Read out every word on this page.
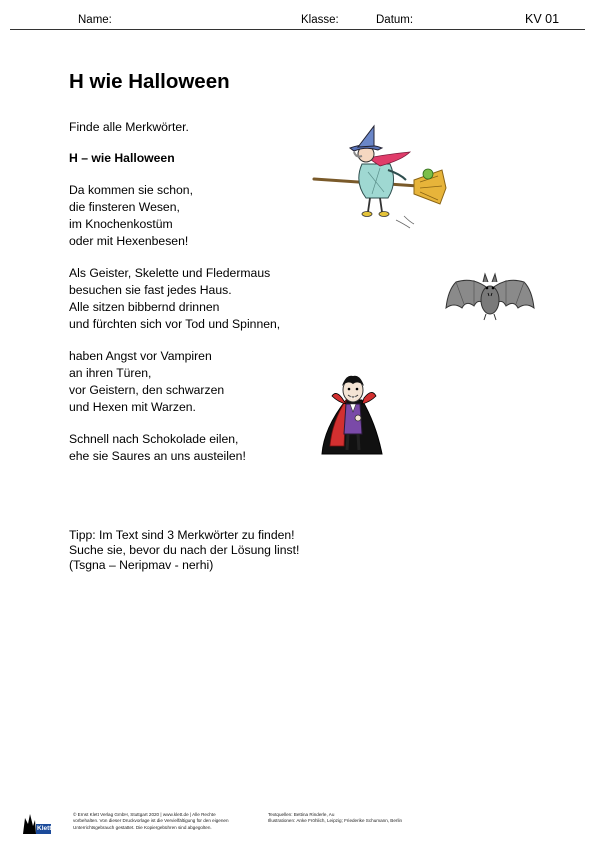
Name:	Klasse:	Datum:	KV 01
H wie Halloween
Finde alle Merkwörter.
H – wie Halloween
Da kommen sie schon,
die finsteren Wesen,
im Knochenkostüm
oder mit Hexenbesen!
Als Geister, Skelette und Fledermaus
besuchen sie fast jedes Haus.
Alle sitzen bibbernd drinnen
und fürchten sich vor Tod und Spinnen,
haben Angst vor Vampiren
an ihren Türen,
vor Geistern, den schwarzen
und Hexen mit Warzen.
Schnell nach Schokolade eilen,
ehe sie Saures an uns austeilen!
Tipp: Im Text sind 3 Merkwörter zu finden!
Suche sie, bevor du nach der Lösung linst!
(Tsgna – Neripmav - nerhi)
Klett
© Ernst Klett Verlag GmbH, Stuttgart 2020 | www.klett.de | Alle Rechte
vorbehalten. Von dieser Druckvorlage ist die Vervielfältigung für den eigenen
Unterrichtsgebrauch gestattet. Die Kopiergebühren sind abgegolten.
Textquellen: Bettina Rinderle, Au
Illustrationen: Anke Fröhlich, Leipzig; Friederike Schumann, Berlin
